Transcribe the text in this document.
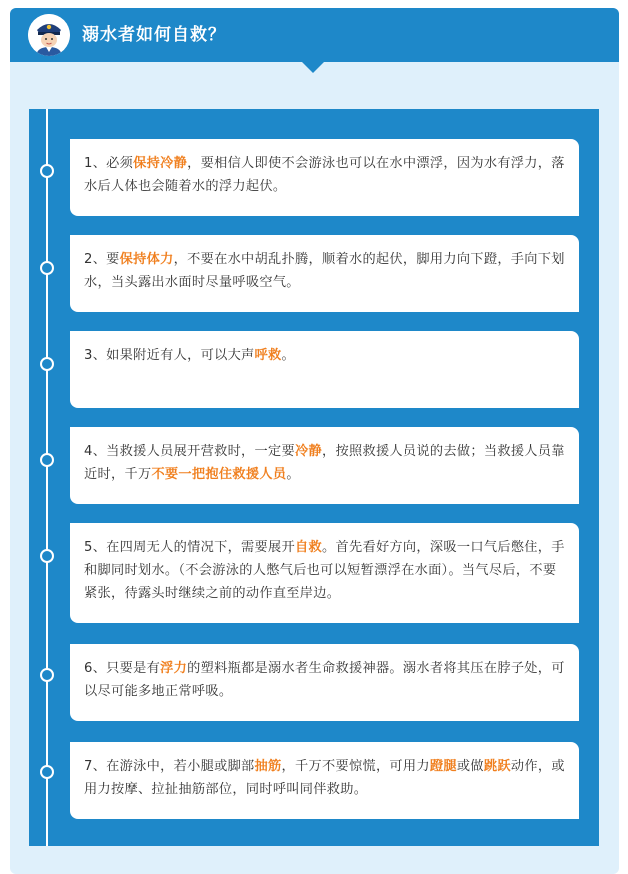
溺水者如何自救？
1、必须保持冷静，要相信人即使不会游泳也可以在水中漂浮，因为水有浮力，落水后人体也会随着水的浮力起伏。
2、要保持体力，不要在水中胡乱扑腾，顺着水的起伏，脚用力向下蹬，手向下划水，当头露出水面时尽量呼吸空气。
3、如果附近有人，可以大声呼救。
4、当救援人员展开营救时，一定要冷静，按照救援人员说的去做；当救援人员靠近时，千万不要一把抱住救援人员。
5、在四周无人的情况下，需要展开自救。首先看好方向，深吸一口气后憋住，手和脚同时划水。（不会游泳的人憋气后也可以短暂漂浮在水面）。当气尽后，不要紧张，待露头时继续之前的动作直至岸边。
6、只要是有浮力的塑料瓶都是溺水者生命救援神器。溺水者将其压在脖子处，可以尽可能多地正常呼吸。
7、在游泳中，若小腿或脚部抽筋，千万不要惊慌，可用力蹬腿或做跳跃动作，或用力按摩、拉扯抽筋部位，同时呼叫同伴救助。
